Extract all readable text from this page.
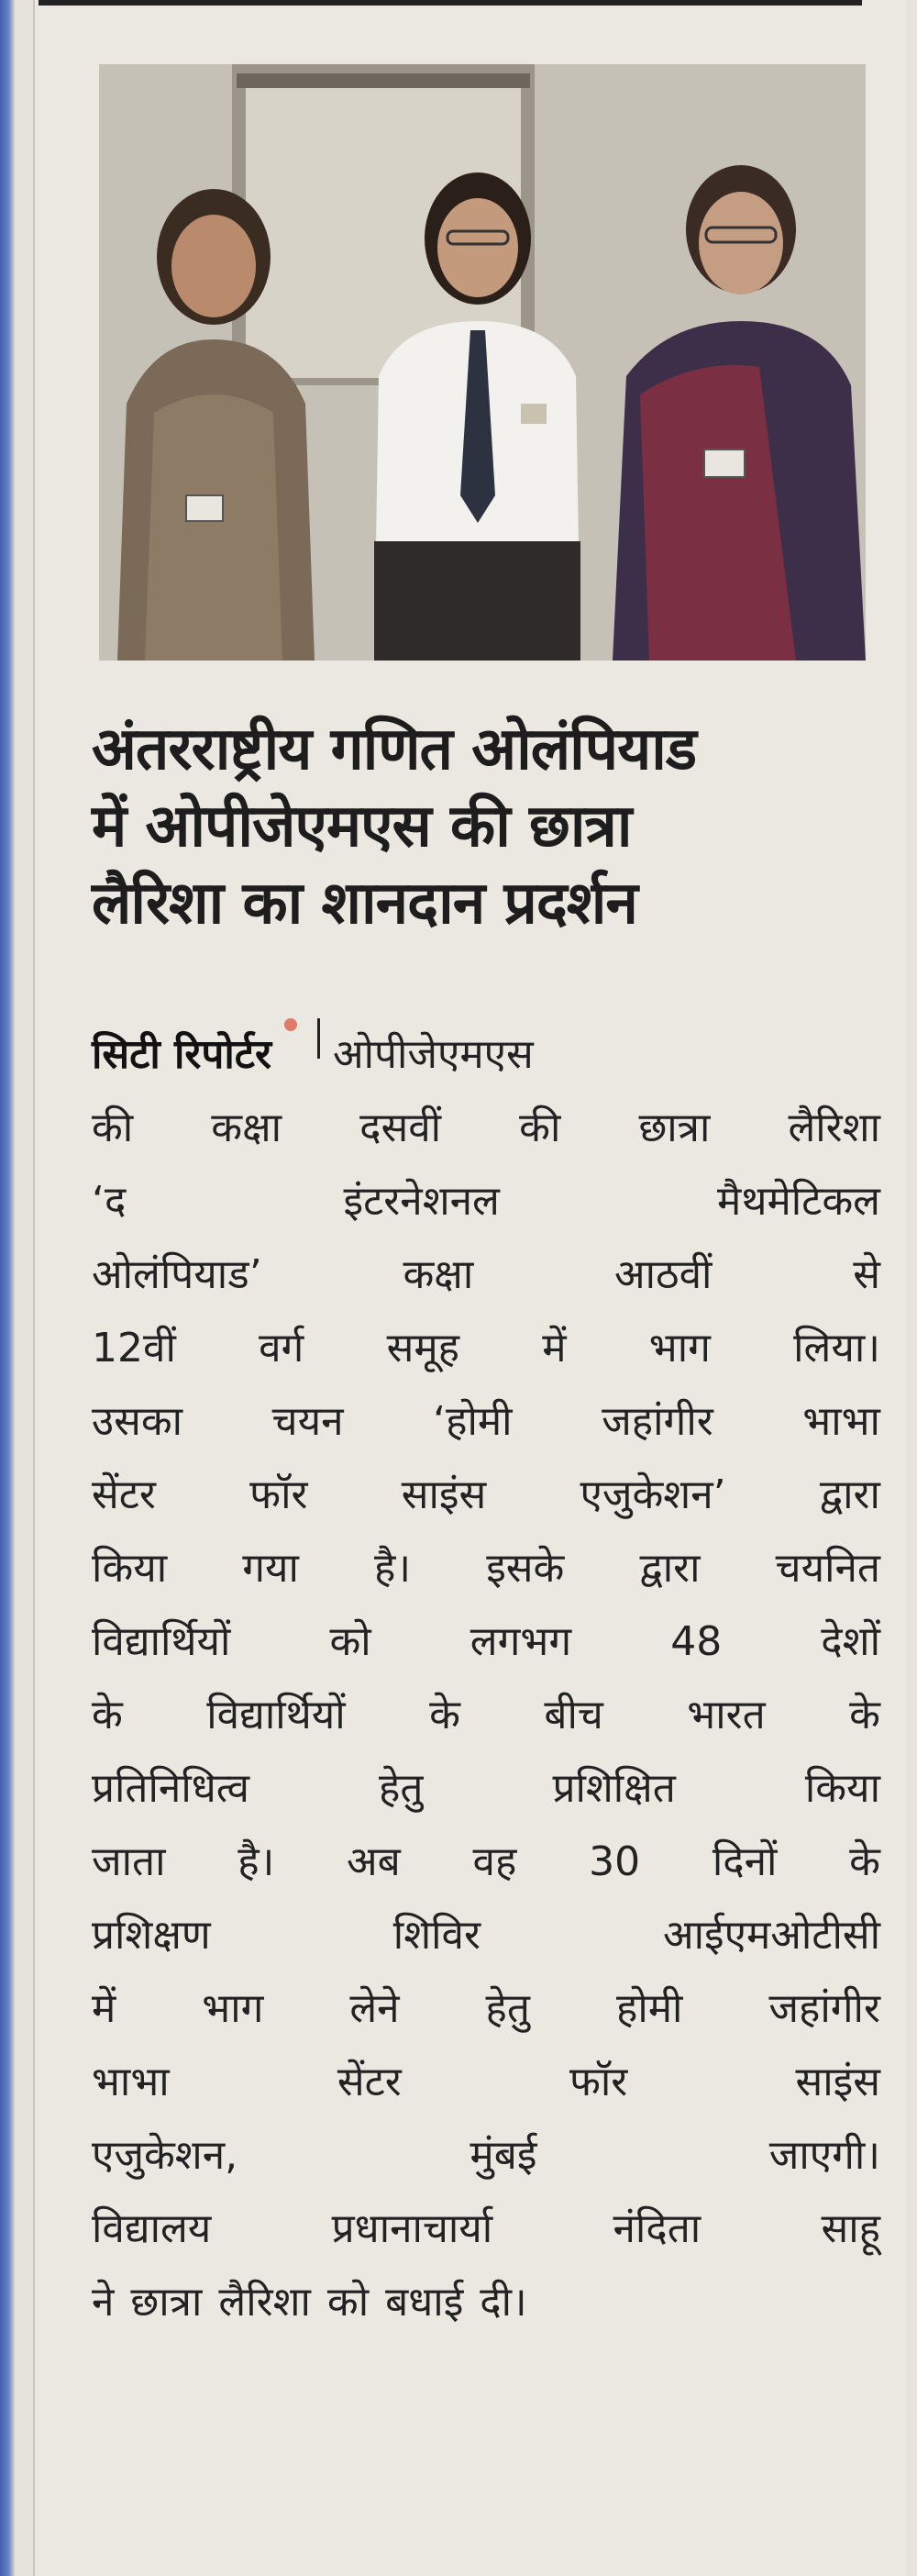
अंतरराष्ट्रीय गणित ओलंपियाड
में ओपीजेएमएस की छात्रा
लैरिशा का शानदान प्रदर्शन
सिटी रिपोर्टर ओपीजेएमएस
की कक्षा दसवीं की छात्रा लैरिशा
‘द	इंटरनेशनल	मैथमेटिकल
ओलंपियाड’	कक्षा	आठवीं	से
12वीं वर्ग समूह में भाग लिया।
उसका चयन ‘होमी जहांगीर भाभा
सेंटर फॉर साइंस एजुकेशन’ द्वारा
किया गया है। इसके द्वारा चयनित
विद्यार्थियों को लगभग 48 देशों
के विद्यार्थियों के बीच भारत के
प्रतिनिधित्व	हेतु	प्रशिक्षित	किया
जाता है। अब वह 30 दिनों के
प्रशिक्षण	शिविर	आईएमओटीसी
में भाग लेने हेतु होमी जहांगीर
भाभा	सेंटर	फॉर	साइंस
एजुकेशन,	मुंबई	जाएगी।
विद्यालय	प्रधानाचार्या	नंदिता	साहू
ने छात्रा लैरिशा को बधाई दी।
